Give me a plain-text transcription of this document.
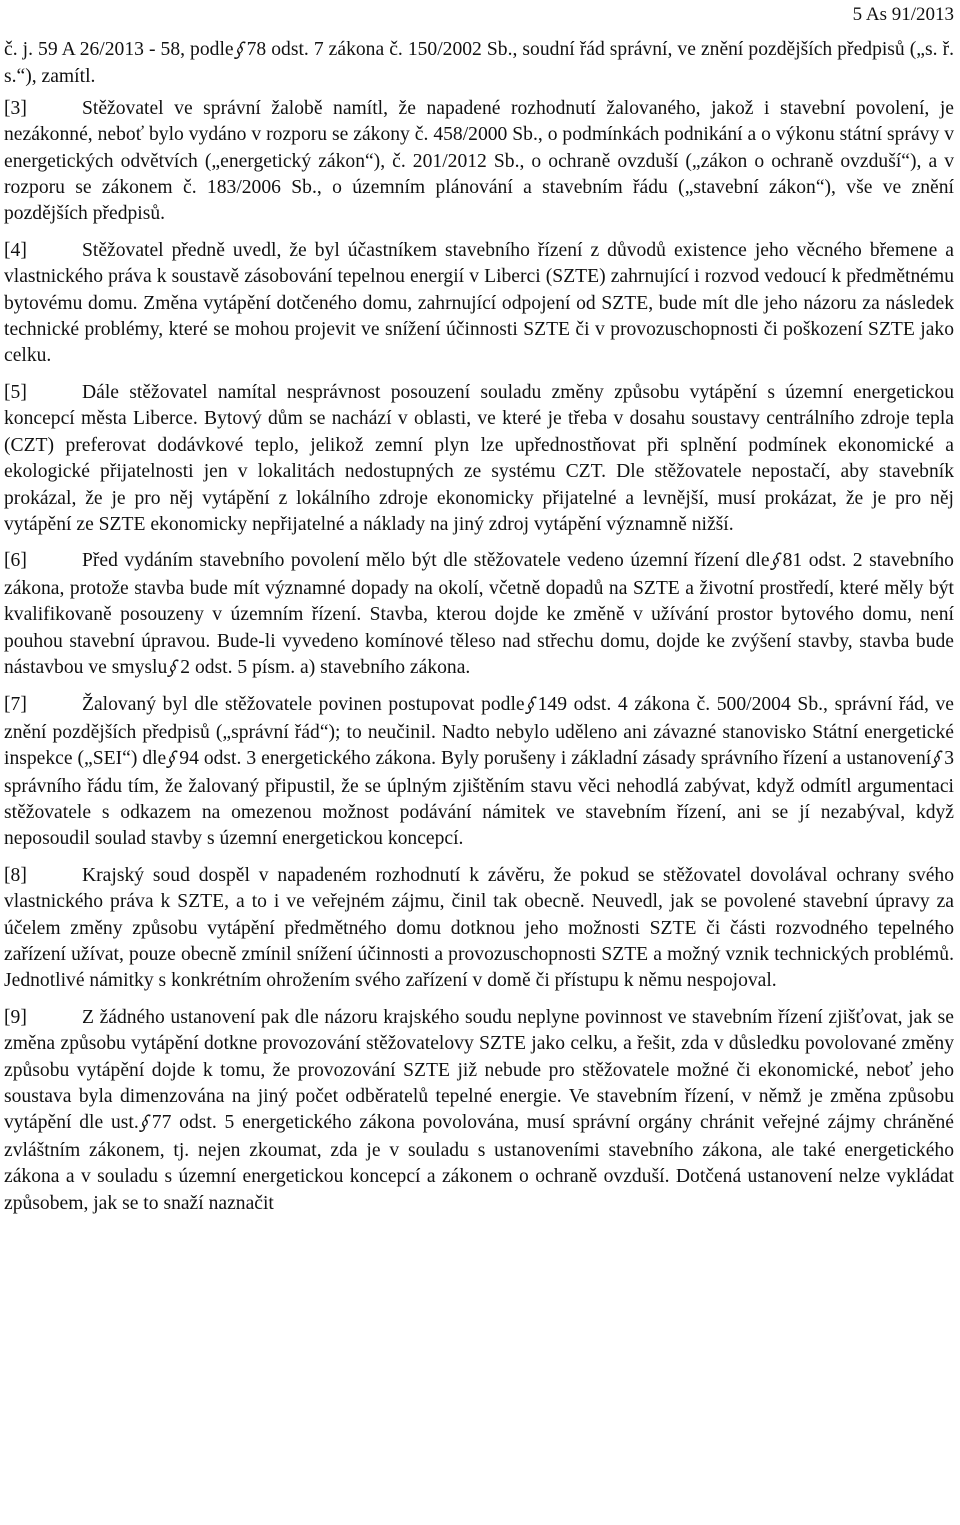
5 As 91/2013

č. j. 59 A 26/2013 - 58, podle§78 odst. 7 zákona č. 150/2002 Sb., soudní řád správní, ve znění pozdějších předpisů („s. ř. s.“), zamítl.

[3]	Stěžovatel ve správní žalobě namítl, že napadené rozhodnutí žalovaného, jakož i stavební povolení, je nezákonné, neboť bylo vydáno v rozporu se zákony č. 458/2000 Sb., o podmínkách podnikání a o výkonu státní správy v energetických odvětvích („energetický zákon“), č. 201/2012 Sb., o ochraně ovzduší („zákon o ochraně ovzduší“), a v rozporu se zákonem č. 183/2006 Sb., o územním plánování a stavebním řádu („stavební zákon“), vše ve znění pozdějších předpisů.

[4]	Stěžovatel předně uvedl, že byl účastníkem stavebního řízení z důvodů existence jeho věcného břemene a vlastnického práva k soustavě zásobování tepelnou energií v Liberci (SZTE) zahrnující i rozvod vedoucí k předmětnému bytovému domu. Změna vytápění dotčeného domu, zahrnující odpojení od SZTE, bude mít dle jeho názoru za následek technické problémy, které se mohou projevit ve snížení účinnosti SZTE či v provozuschopnosti či poškození SZTE jako celku.

[5]	Dále stěžovatel namítal nesprávnost posouzení souladu změny způsobu vytápění s územní energetickou koncepcí města Liberce. Bytový dům se nachází v oblasti, ve které je třeba v dosahu soustavy centrálního zdroje tepla (CZT) preferovat dodávkové teplo, jelikož zemní plyn lze upřednostňovat při splnění podmínek ekonomické a ekologické přijatelnosti jen v lokalitách nedostupných ze systému CZT. Dle stěžovatele nepostačí, aby stavebník prokázal, že je pro něj vytápění z lokálního zdroje ekonomicky přijatelné a levnější, musí prokázat, že je pro něj vytápění ze SZTE ekonomicky nepřijatelné a náklady na jiný zdroj vytápění významně nižší.

[6]	Před vydáním stavebního povolení mělo být dle stěžovatele vedeno územní řízení dle§81 odst. 2 stavebního zákona, protože stavba bude mít významné dopady na okolí, včetně dopadů na SZTE a životní prostředí, které měly být kvalifikovaně posouzeny v územním řízení. Stavba, kterou dojde ke změně v užívání prostor bytového domu, není pouhou stavební úpravou. Bude-li vyvedeno komínové těleso nad střechu domu, dojde ke zvýšení stavby, stavba bude nástavbou ve smyslu§2 odst. 5 písm. a) stavebního zákona.

[7]	Žalovaný byl dle stěžovatele povinen postupovat podle§149 odst. 4 zákona č. 500/2004 Sb., správní řád, ve znění pozdějších předpisů („správní řád“); to neučinil. Nadto nebylo uděleno ani závazné stanovisko Státní energetické inspekce („SEI“) dle§94 odst. 3 energetického zákona. Byly porušeny i základní zásady správního řízení a ustanovení§3 správního řádu tím, že žalovaný připustil, že se úplným zjištěním stavu věci nehodlá zabývat, když odmítl argumentaci stěžovatele s odkazem na omezenou možnost podávání námitek ve stavebním řízení, ani se jí nezabýval, když neposoudil soulad stavby s územní energetickou koncepcí.

[8]	Krajský soud dospěl v napadeném rozhodnutí k závěru, že pokud se stěžovatel dovolával ochrany svého vlastnického práva k SZTE, a to i ve veřejném zájmu, činil tak obecně. Neuvedl, jak se povolené stavební úpravy za účelem změny způsobu vytápění předmětného domu dotknou jeho možnosti SZTE či části rozvodného tepelného zařízení užívat, pouze obecně zmínil snížení účinnosti a provozuschopnosti SZTE a možný vznik technických problémů. Jednotlivé námitky s konkrétním ohrožením svého zařízení v domě či přístupu k němu nespojoval.

[9]	Z žádného ustanovení pak dle názoru krajského soudu neplyne povinnost ve stavebním řízení zjišťovat, jak se změna způsobu vytápění dotkne provozování stěžovatelovy SZTE jako celku, a řešit, zda v důsledku povolované změny způsobu vytápění dojde k tomu, že provozování SZTE již nebude pro stěžovatele možné či ekonomické, neboť jeho soustava byla dimenzována na jiný počet odběratelů tepelné energie. Ve stavebním řízení, v němž je změna způsobu vytápění dle ust.§77 odst. 5 energetického zákona povolována, musí správní orgány chránit veřejné zájmy chráněné zvláštním zákonem, tj. nejen zkoumat, zda je v souladu s ustanoveními stavebního zákona, ale také energetického zákona a v souladu s územní energetickou koncepcí a zákonem o ochraně ovzduší. Dotčená ustanovení nelze vykládat způsobem, jak se to snaží naznačit
